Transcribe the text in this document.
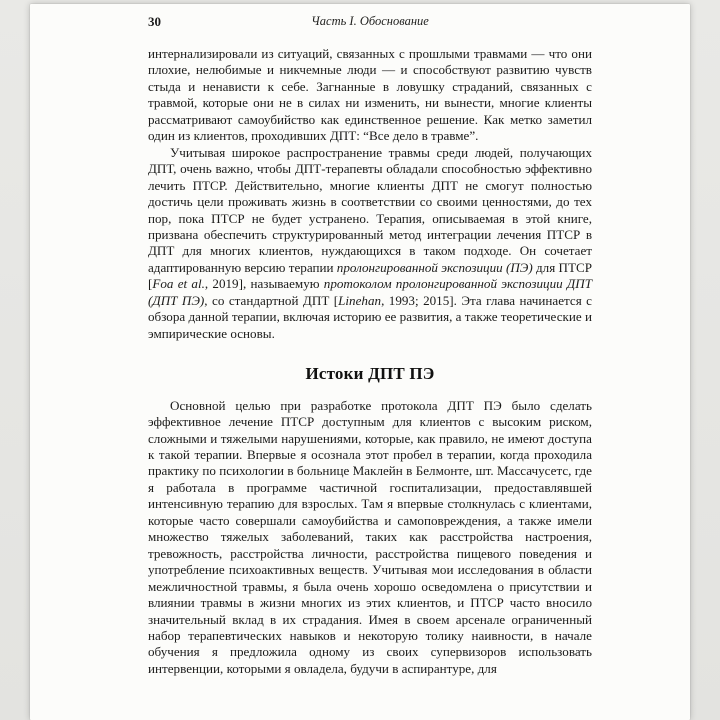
30	Часть I. Обоснование

интернализировали из ситуаций, связанных с прошлыми травмами — что они плохие, нелюбимые и никчемные люди — и способствуют развитию чувств стыда и ненависти к себе. Загнанные в ловушку страданий, связанных с травмой, которые они не в силах ни изменить, ни вынести, многие клиенты рассматривают самоубийство как единственное решение. Как метко заметил один из клиентов, проходивших ДПТ: “Все дело в травме”.

Учитывая широкое распространение травмы среди людей, получающих ДПТ, очень важно, чтобы ДПТ-терапевты обладали способностью эффективно лечить ПТСР. Действительно, многие клиенты ДПТ не смогут полностью достичь цели проживать жизнь в соответствии со своими ценностями, до тех пор, пока ПТСР не будет устранено. Терапия, описываемая в этой книге, призвана обеспечить структурированный метод интеграции лечения ПТСР в ДПТ для многих клиентов, нуждающихся в таком подходе. Он сочетает адаптированную версию терапии пролонгированной экспозиции (ПЭ) для ПТСР [Foa et al., 2019], называемую протоколом пролонгированной экспозиции ДПТ (ДПТ ПЭ), со стандартной ДПТ [Linehan, 1993; 2015]. Эта глава начинается с обзора данной терапии, включая историю ее развития, а также теоретические и эмпирические основы.

Истоки ДПТ ПЭ

Основной целью при разработке протокола ДПТ ПЭ было сделать эффективное лечение ПТСР доступным для клиентов с высоким риском, сложными и тяжелыми нарушениями, которые, как правило, не имеют доступа к такой терапии. Впервые я осознала этот пробел в терапии, когда проходила практику по психологии в больнице Маклейн в Белмонте, шт. Массачусетс, где я работала в программе частичной госпитализации, предоставлявшей интенсивную терапию для взрослых. Там я впервые столкнулась с клиентами, которые часто совершали самоубийства и самоповреждения, а также имели множество тяжелых заболеваний, таких как расстройства настроения, тревожность, расстройства личности, расстройства пищевого поведения и употребление психоактивных веществ. Учитывая мои исследования в области межличностной травмы, я была очень хорошо осведомлена о присутствии и влиянии травмы в жизни многих из этих клиентов, и ПТСР часто вносило значительный вклад в их страдания. Имея в своем арсенале ограниченный набор терапевтических навыков и некоторую толику наивности, в начале обучения я предложила одному из своих супервизоров использовать интервенции, которыми я овладела, будучи в аспирантуре, для
